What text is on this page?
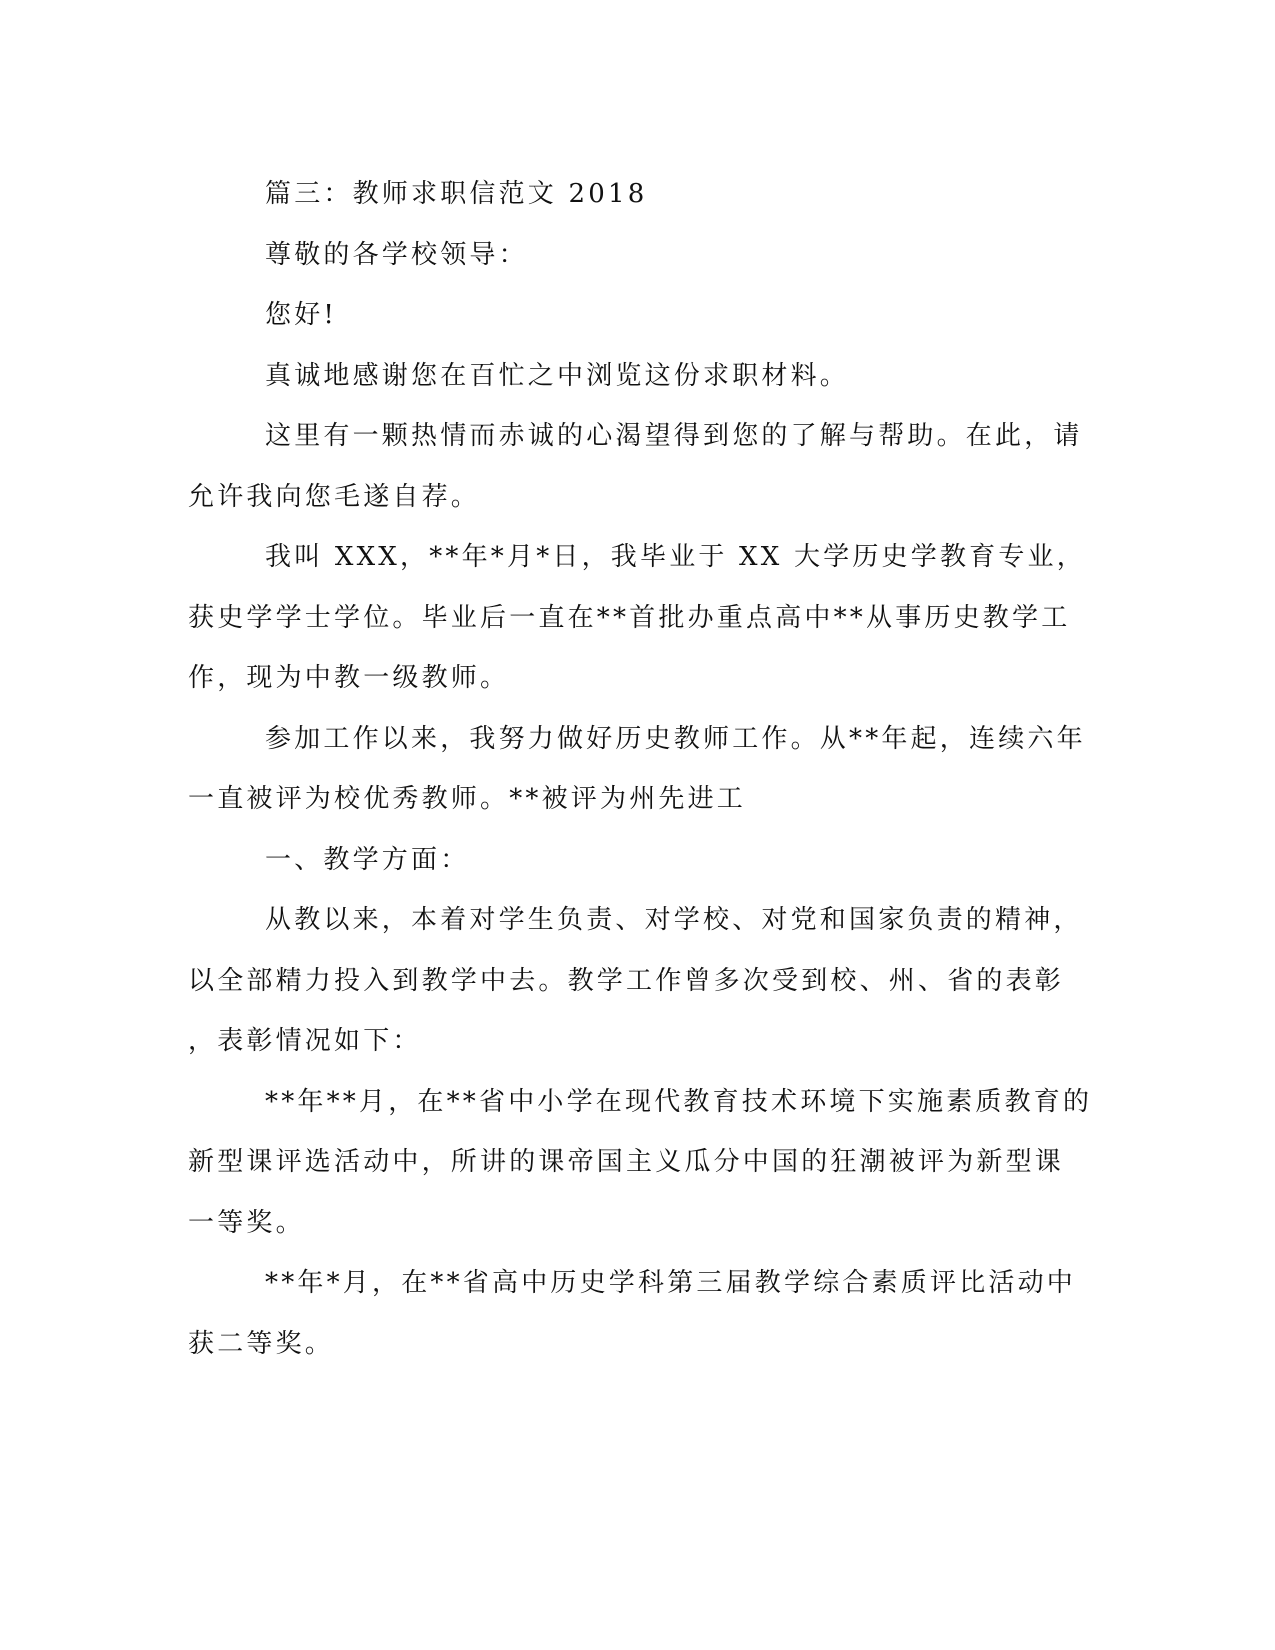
篇三：教师求职信范文 2018
尊敬的各学校领导：
您好!
真诚地感谢您在百忙之中浏览这份求职材料。
这里有一颗热情而赤诚的心渴望得到您的了解与帮助。在此，请
允许我向您毛遂自荐。
我叫 XXX，**年*月*日，我毕业于 XX 大学历史学教育专业，
获史学学士学位。毕业后一直在**首批办重点高中**从事历史教学工
作，现为中教一级教师。
参加工作以来，我努力做好历史教师工作。从**年起，连续六年
一直被评为校优秀教师。**被评为州先进工
一、教学方面：
从教以来，本着对学生负责、对学校、对党和国家负责的精神，
以全部精力投入到教学中去。教学工作曾多次受到校、州、省的表彰
，表彰情况如下：
**年**月，在**省中小学在现代教育技术环境下实施素质教育的
新型课评选活动中，所讲的课帝国主义瓜分中国的狂潮被评为新型课
一等奖。
**年*月，在**省高中历史学科第三届教学综合素质评比活动中
获二等奖。
